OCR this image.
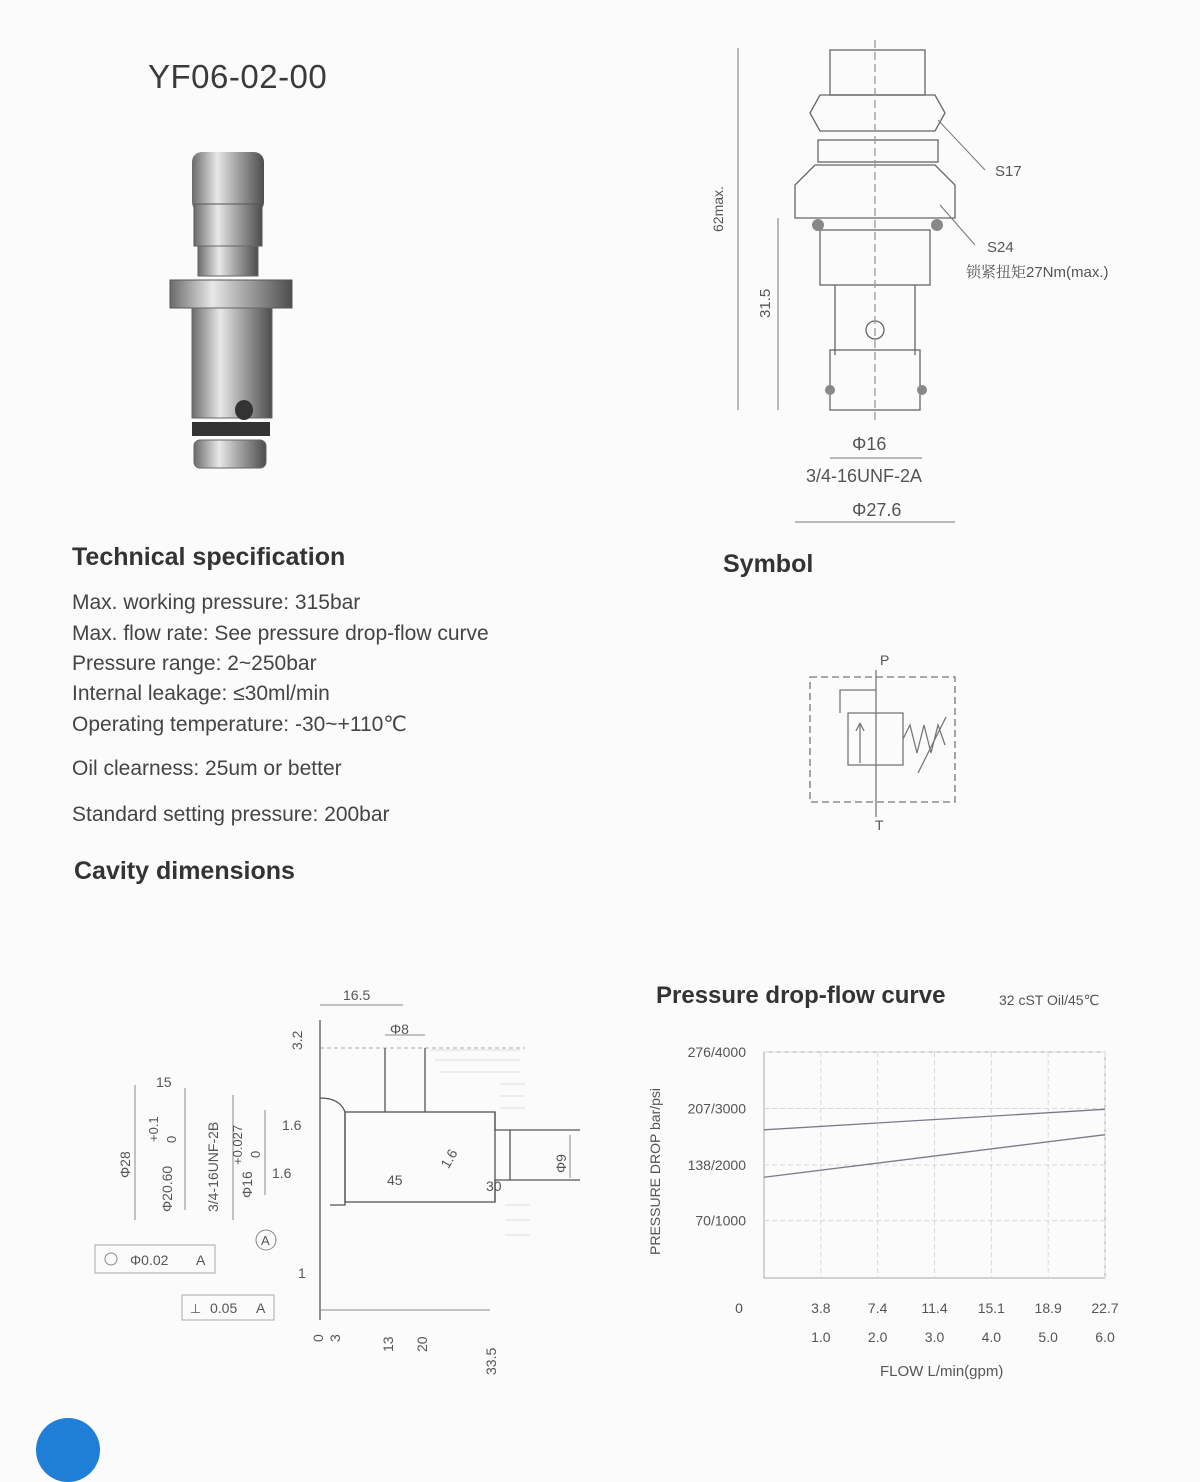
YF06-02-00
62max.
31.5
S17
S24
锁紧扭矩27Nm(max.)
Φ16
3/4-16UNF-2A
Φ27.6
Technical specification
Max. working pressure: 315bar
Max. flow rate: See pressure drop-flow curve
Pressure range: 2~250bar
Internal leakage: ≤30ml/min
Operating temperature: -30~+110℃
Oil clearness: 25um or better
Standard setting pressure: 200bar
Symbol
P
T
Cavity dimensions
16.5
3.2
Φ8
15
Φ28
Φ20.60
+0.1 0 3/4-16UNF-2B Φ16
+0.027 0
1.6
1.6
1.6
45	30
Φ9
A
Φ0.02 A
⊥ 0.05 A
1
0 3	13 20
33.5
Pressure drop-flow curve	32 cST Oil/45℃
70/1000
138/2000
207/3000
276/4000
0	3.8	7.4 11.4 15.1 18.9 22.7
1.0	2.0	3.0	4.0	5.0	6.0
PRESSURE DROP bar/psi
FLOW L/min(gpm)
